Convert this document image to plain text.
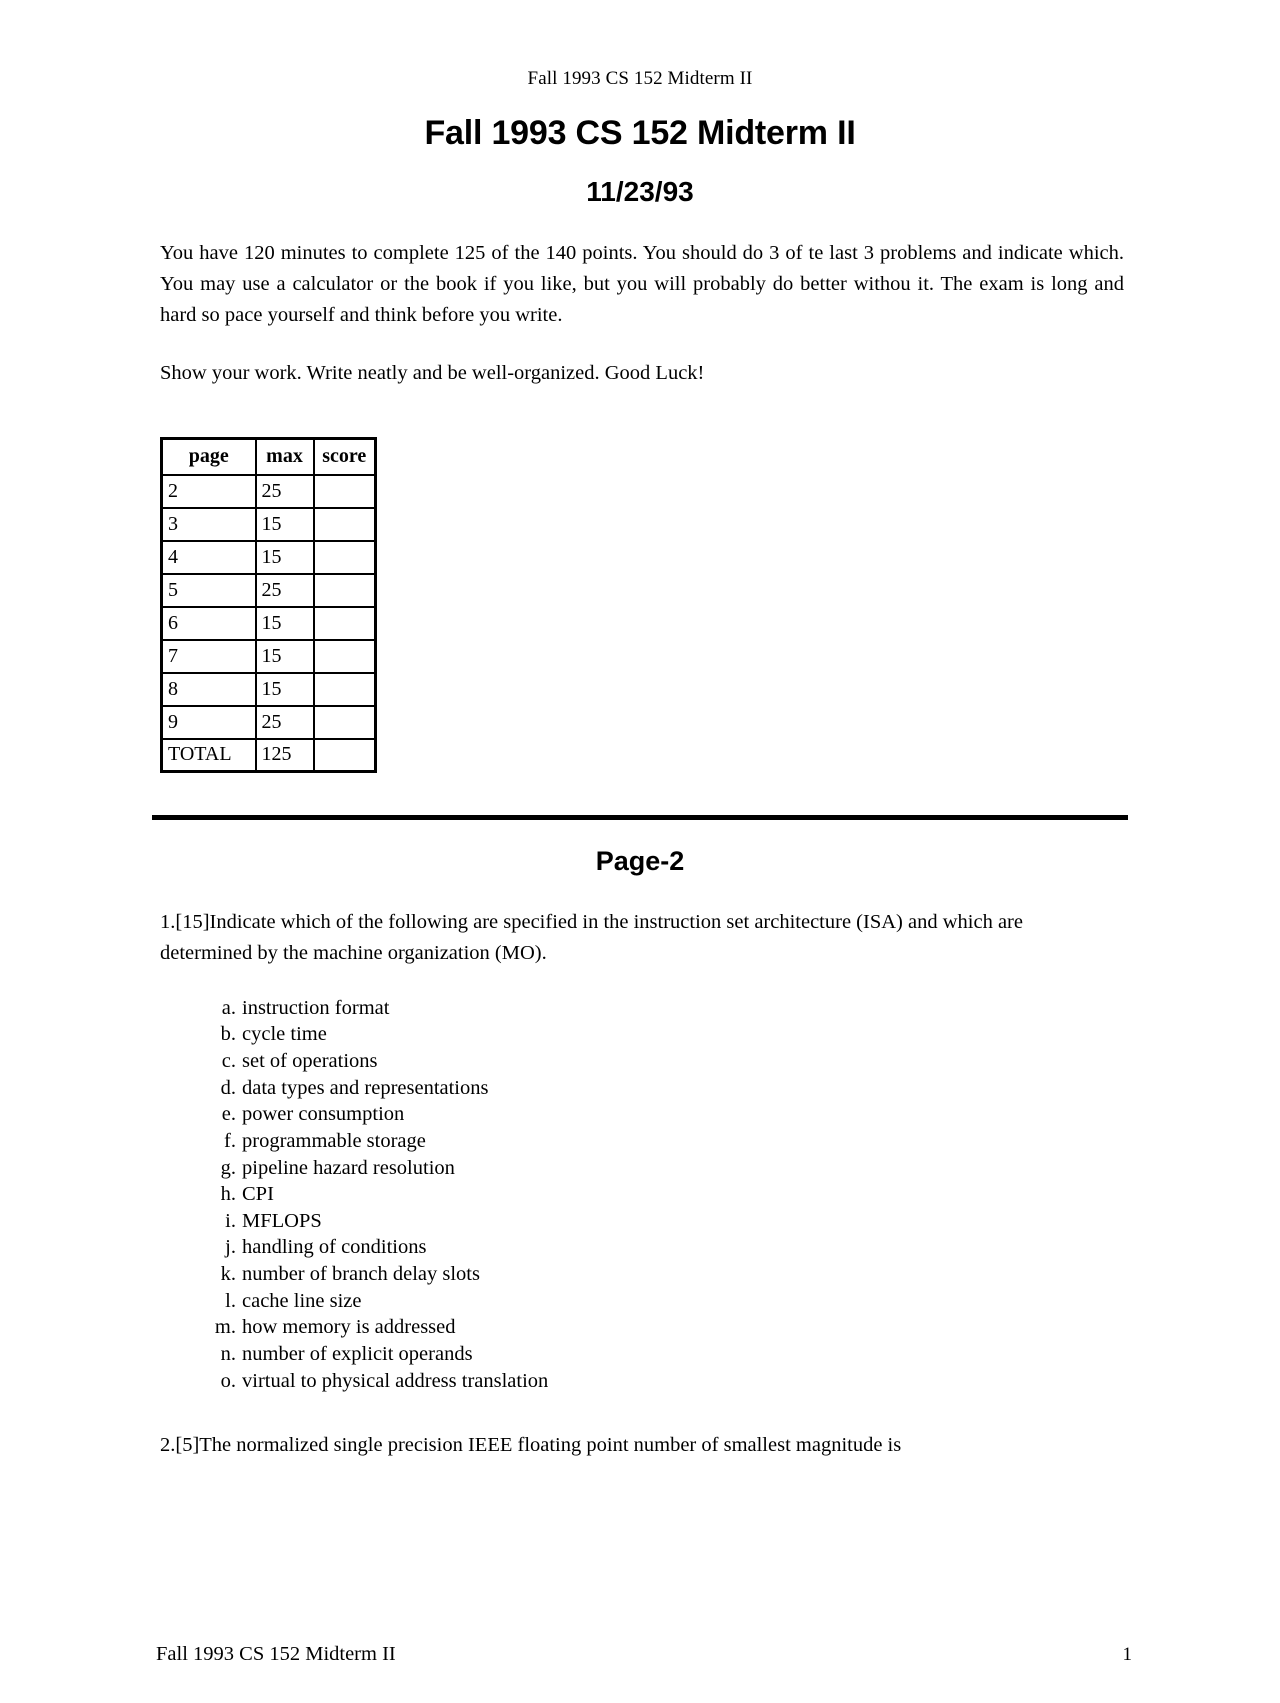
Fall 1993 CS 152 Midterm II
Fall 1993 CS 152 Midterm II
11/23/93

You have 120 minutes to complete 125 of the 140 points. You should do 3 of te last 3 problems and indicate which. You may use a calculator or the book if you like, but you will probably do better withou it. The exam is long and hard so pace yourself and think before you write.

Show your work. Write neatly and be well-organized. Good Luck!

page	max	score
2	25	
3	15	
4	15	
5	25	
6	15	
7	15	
8	15	
9	25	
TOTAL	125	
Page-2

1.[15]Indicate which of the following are specified in the instruction set architecture (ISA) and which are determined by the machine organization (MO).

a. instruction format
b. cycle time
c. set of operations
d. data types and representations
e. power consumption
f. programmable storage
g. pipeline hazard resolution
h. CPI
i. MFLOPS
j. handling of conditions
k. number of branch delay slots
l. cache line size
m. how memory is addressed
n. number of explicit operands
o. virtual to physical address translation

2.[5]The normalized single precision IEEE floating point number of smallest magnitude is

Fall 1993 CS 152 Midterm II	1
